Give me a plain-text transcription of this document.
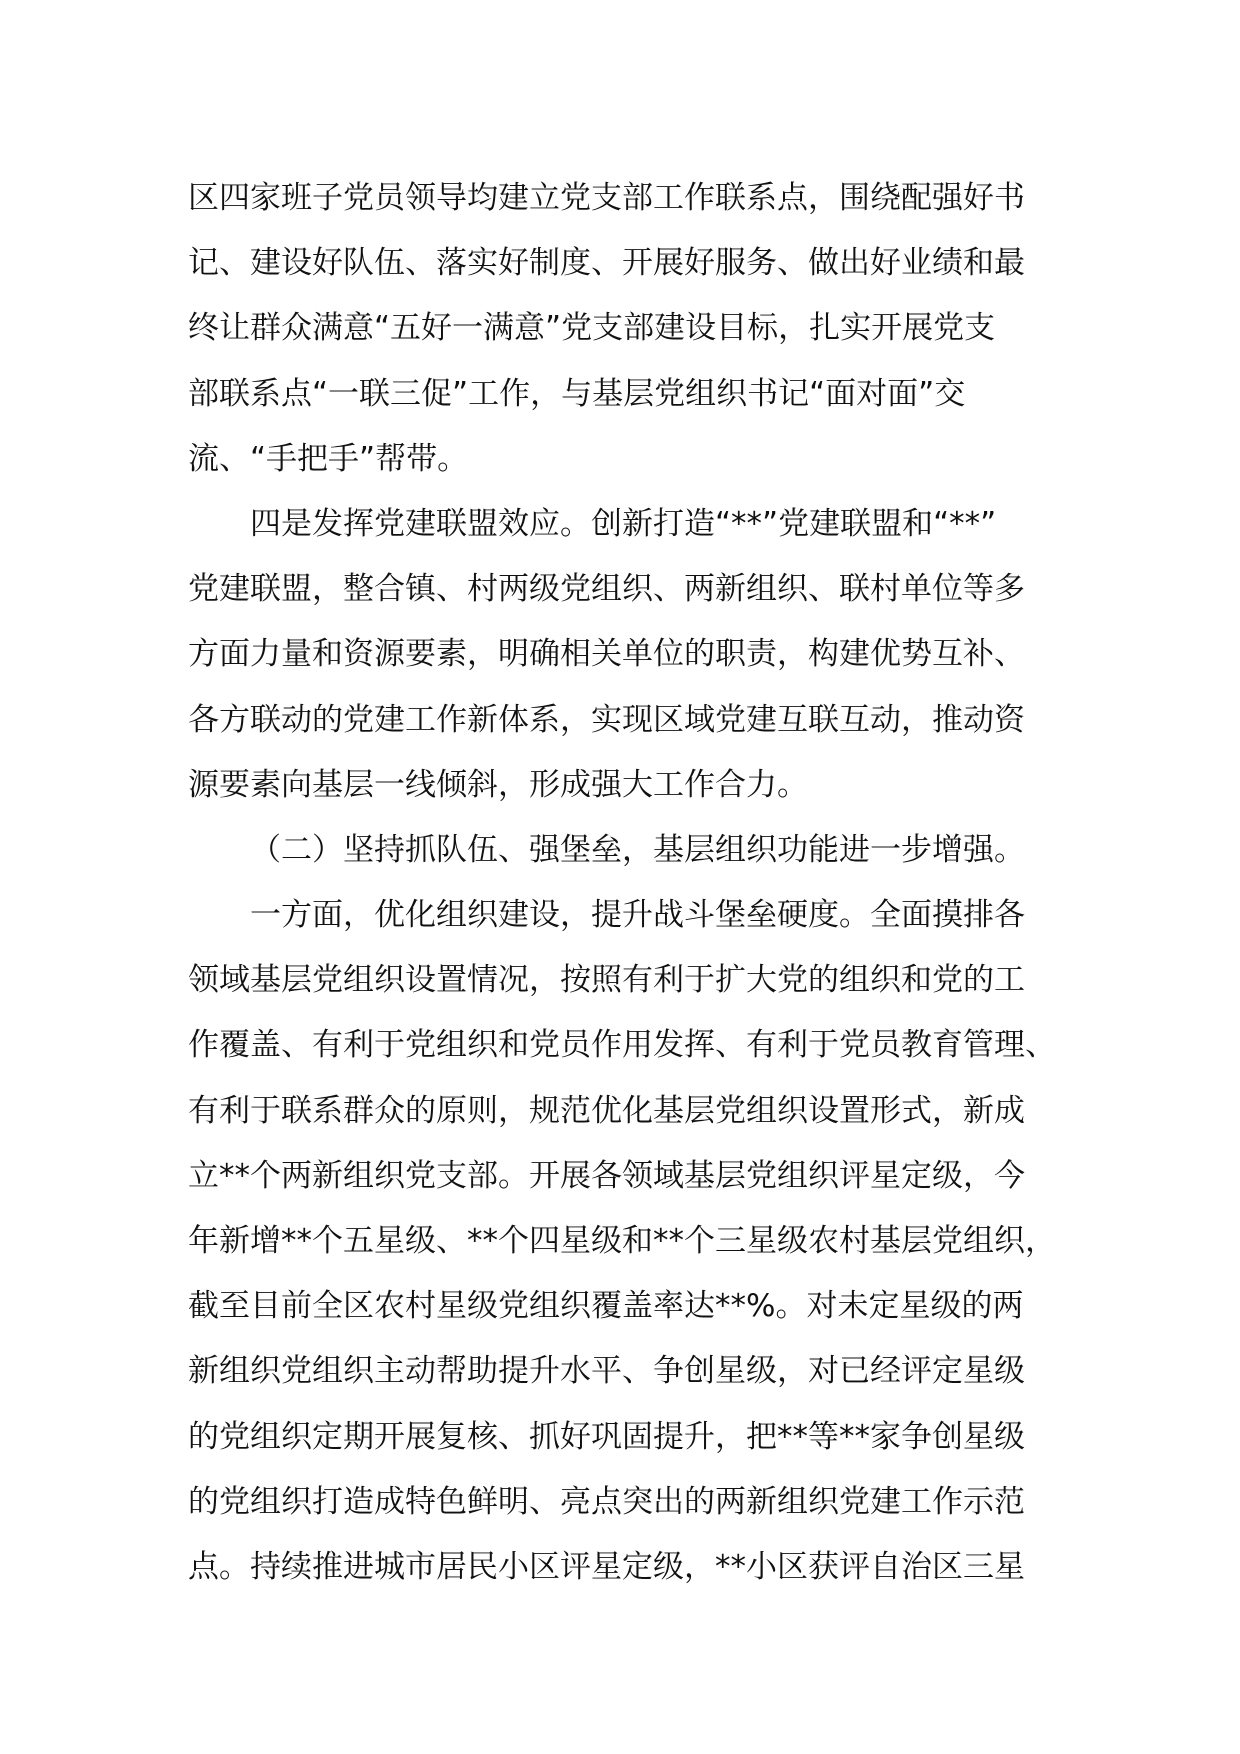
区四家班子党员领导均建立党支部工作联系点，围绕配强好书
记、建设好队伍、落实好制度、开展好服务、做出好业绩和最
终让群众满意“五好一满意”党支部建设目标，扎实开展党支
部联系点“一联三促”工作，与基层党组织书记“面对面”交
流、“手把手”帮带。
四是发挥党建联盟效应。创新打造“**”党建联盟和“**”
党建联盟，整合镇、村两级党组织、两新组织、联村单位等多
方面力量和资源要素，明确相关单位的职责，构建优势互补、
各方联动的党建工作新体系，实现区域党建互联互动，推动资
源要素向基层一线倾斜，形成强大工作合力。
（二）坚持抓队伍、强堡垒，基层组织功能进一步增强。
一方面，优化组织建设，提升战斗堡垒硬度。全面摸排各
领域基层党组织设置情况，按照有利于扩大党的组织和党的工
作覆盖、有利于党组织和党员作用发挥、有利于党员教育管理、
有利于联系群众的原则，规范优化基层党组织设置形式，新成
立**个两新组织党支部。开展各领域基层党组织评星定级，今
年新增**个五星级、**个四星级和**个三星级农村基层党组织，
截至目前全区农村星级党组织覆盖率达**%。对未定星级的两
新组织党组织主动帮助提升水平、争创星级，对已经评定星级
的党组织定期开展复核、抓好巩固提升，把**等**家争创星级
的党组织打造成特色鲜明、亮点突出的两新组织党建工作示范
点。持续推进城市居民小区评星定级，**小区获评自治区三星
